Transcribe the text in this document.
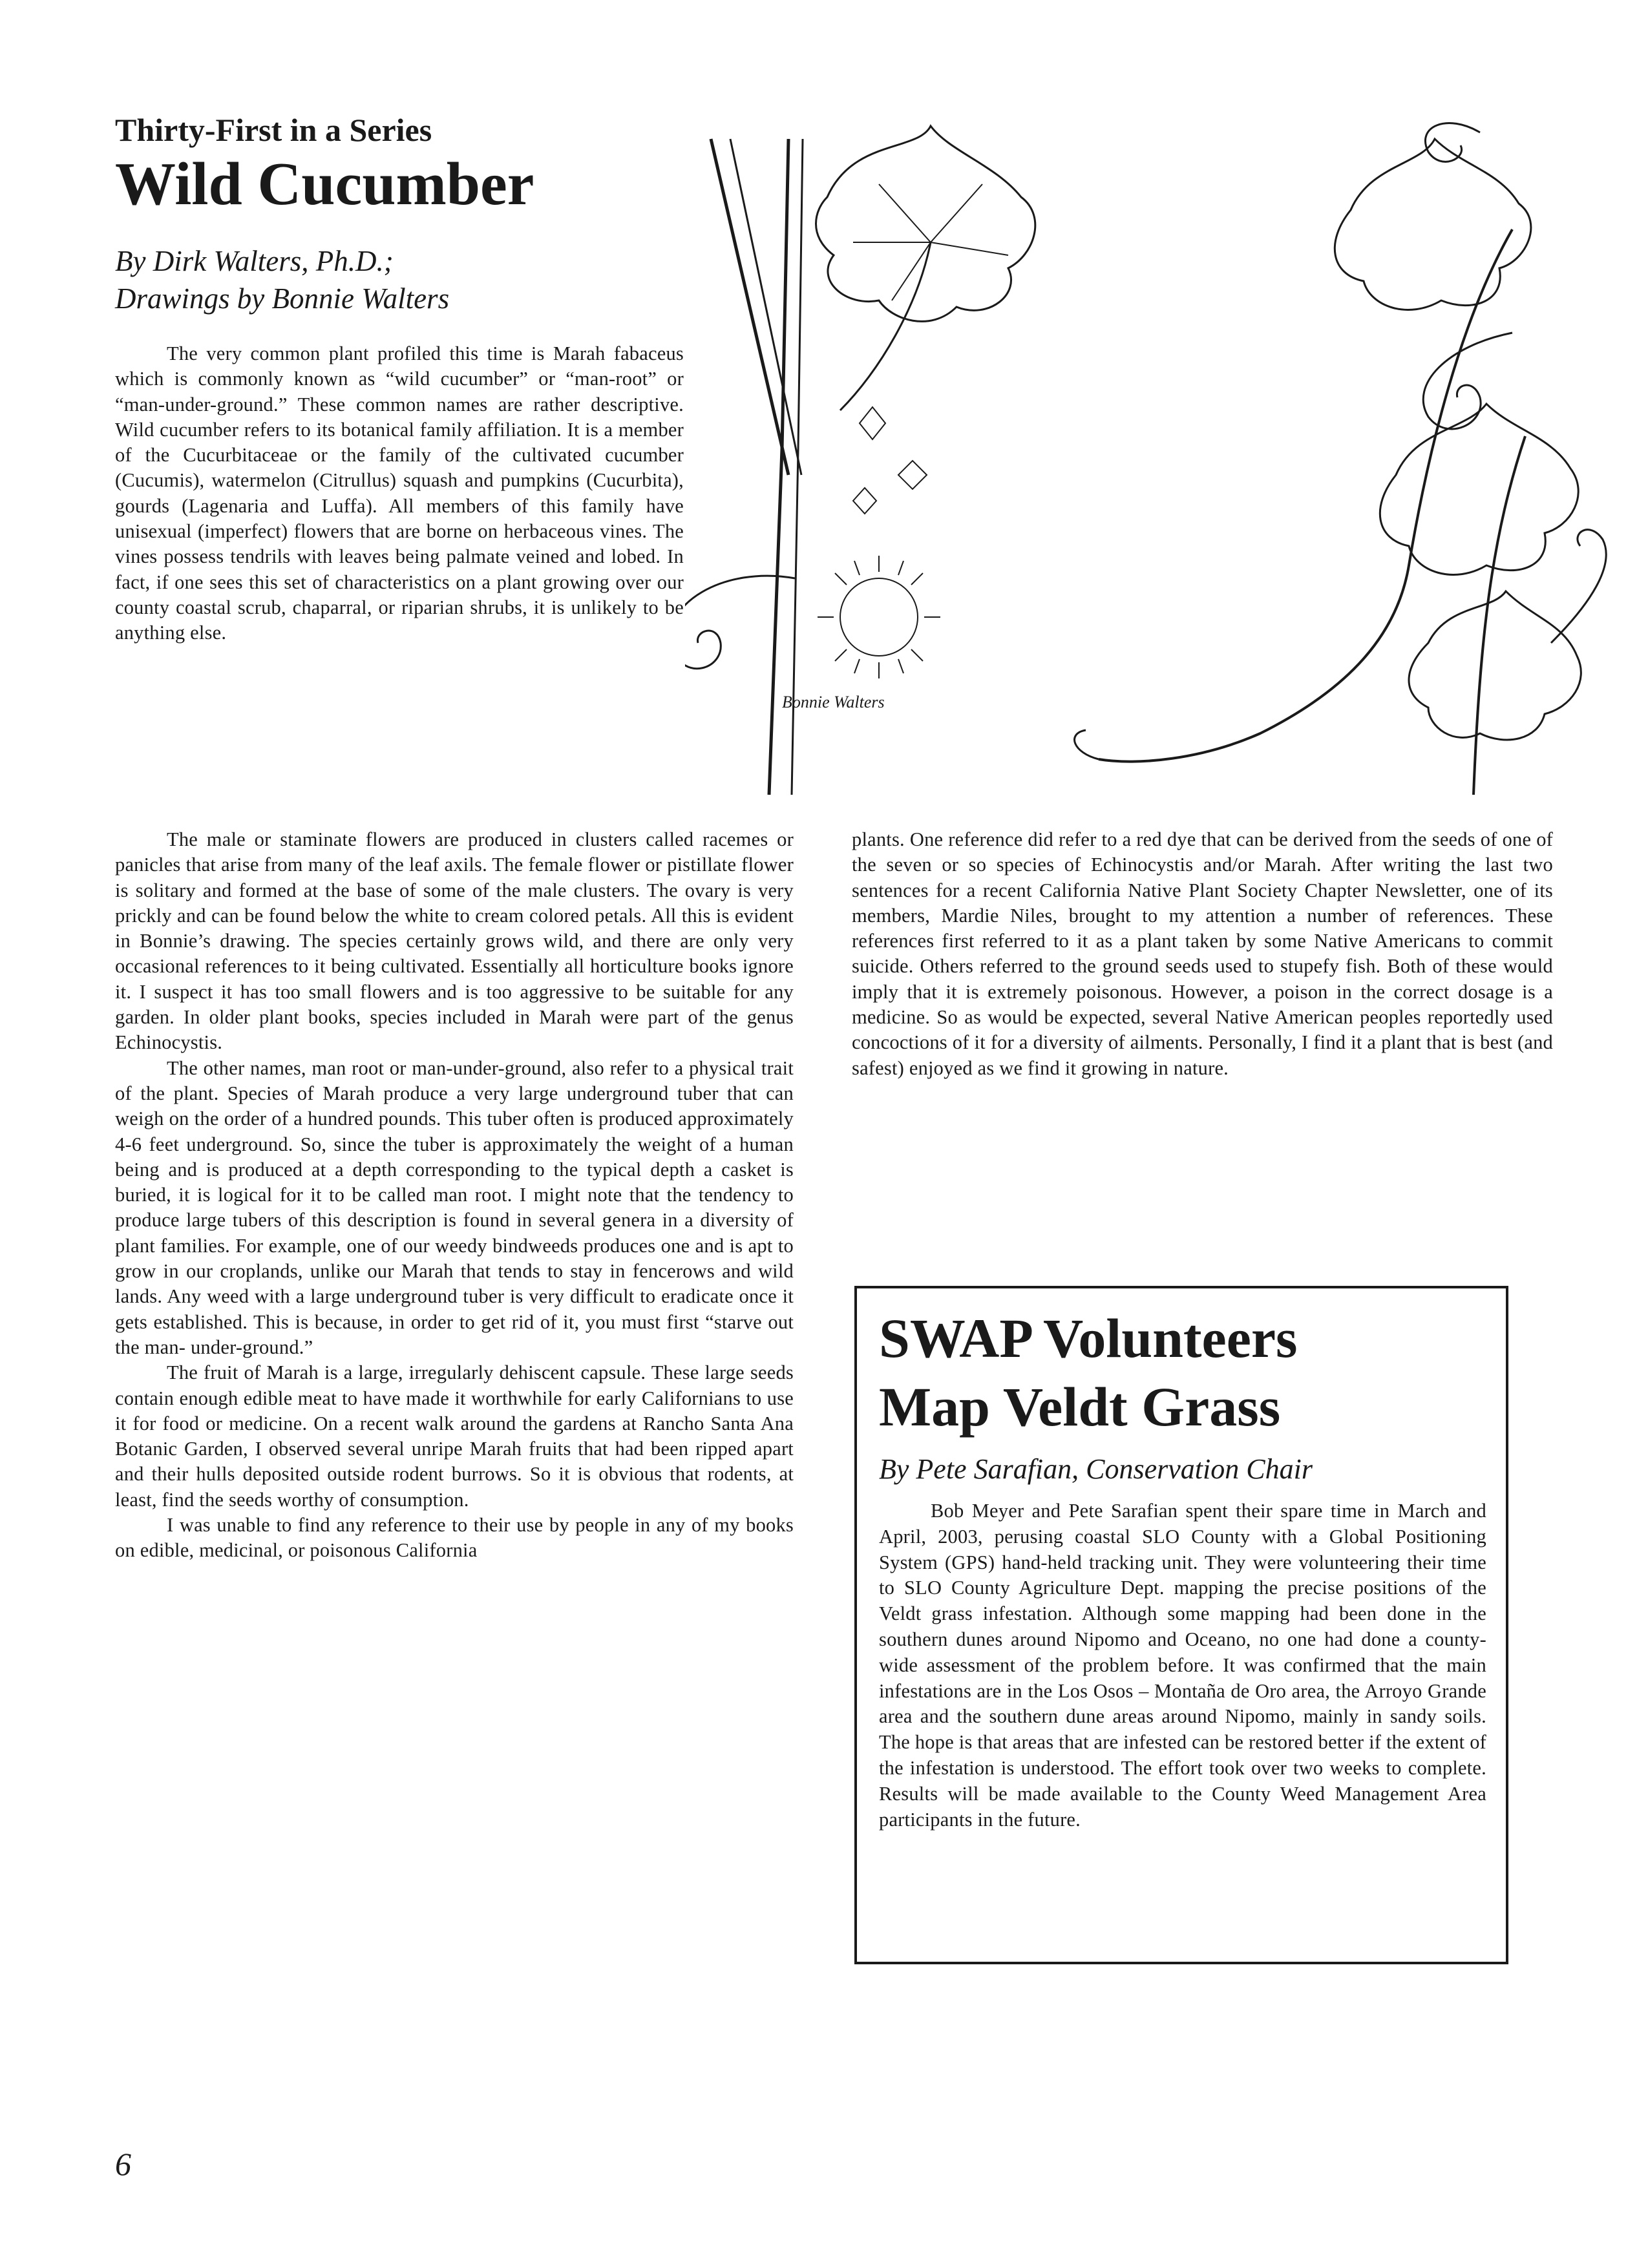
Thirty-First in a Series
Wild Cucumber
By Dirk Walters, Ph.D.;
Drawings by Bonnie Walters

The very common plant profiled this time is Marah fabaceus which is commonly known as “wild cucumber” or “man-root” or “man-under-ground.” These common names are rather descriptive. Wild cucumber refers to its botanical family affiliation. It is a member of the Cucurbitaceae or the family of the cultivated cucumber (Cucumis), watermelon (Citrullus) squash and pumpkins (Cucurbita), gourds (Lagenaria and Luffa). All members of this family have unisexual (imperfect) flowers that are borne on herbaceous vines. The vines possess tendrils with leaves being palmate veined and lobed. In fact, if one sees this set of characteristics on a plant growing over our county coastal scrub, chaparral, or riparian shrubs, it is unlikely to be anything else.

The male or staminate flowers are produced in clusters called racemes or panicles that arise from many of the leaf axils. The female flower or pistillate flower is solitary and formed at the base of some of the male clusters. The ovary is very prickly and can be found below the white to cream colored petals. All this is evident in Bonnie’s drawing. The species certainly grows wild, and there are only very occasional references to it being cultivated. Essentially all horticulture books ignore it. I suspect it has too small flowers and is too aggressive to be suitable for any garden. In older plant books, species included in Marah were part of the genus Echinocystis.

The other names, man root or man-under-ground, also refer to a physical trait of the plant. Species of Marah produce a very large underground tuber that can weigh on the order of a hundred pounds. This tuber often is produced approximately 4-6 feet underground. So, since the tuber is approximately the weight of a human being and is produced at a depth corresponding to the typical depth a casket is buried, it is logical for it to be called man root. I might note that the tendency to produce large tubers of this description is found in several genera in a diversity of plant families. For example, one of our weedy bindweeds produces one and is apt to grow in our croplands, unlike our Marah that tends to stay in fencerows and wild lands. Any weed with a large underground tuber is very difficult to eradicate once it gets established. This is because, in order to get rid of it, you must first “starve out the man- under-ground.”

The fruit of Marah is a large, irregularly dehiscent capsule. These large seeds contain enough edible meat to have made it worthwhile for early Californians to use it for food or medicine. On a recent walk around the gardens at Rancho Santa Ana Botanic Garden, I observed several unripe Marah fruits that had been ripped apart and their hulls deposited outside rodent burrows. So it is obvious that rodents, at least, find the seeds worthy of consumption.

I was unable to find any reference to their use by people in any of my books on edible, medicinal, or poisonous California

plants. One reference did refer to a red dye that can be derived from the seeds of one of the seven or so species of Echinocystis and/or Marah. After writing the last two sentences for a recent California Native Plant Society Chapter Newsletter, one of its members, Mardie Niles, brought to my attention a number of references. These references first referred to it as a plant taken by some Native Americans to commit suicide. Others referred to the ground seeds used to stupefy fish. Both of these would imply that it is extremely poisonous. However, a poison in the correct dosage is a medicine. So as would be expected, several Native American peoples reportedly used concoctions of it for a diversity of ailments. Personally, I find it a plant that is best (and safest) enjoyed as we find it growing in nature.

Bonnie Walters
SWAP Volunteers
Map Veldt Grass
By Pete Sarafian, Conservation Chair

Bob Meyer and Pete Sarafian spent their spare time in March and April, 2003, perusing coastal SLO County with a Global Positioning System (GPS) hand-held tracking unit. They were volunteering their time to SLO County Agriculture Dept. mapping the precise positions of the Veldt grass infestation. Although some mapping had been done in the southern dunes around Nipomo and Oceano, no one had done a county-wide assessment of the problem before. It was confirmed that the main infestations are in the Los Osos – Montaña de Oro area, the Arroyo Grande area and the southern dune areas around Nipomo, mainly in sandy soils. The hope is that areas that are infested can be restored better if the extent of the infestation is understood. The effort took over two weeks to complete. Results will be made available to the County Weed Management Area participants in the future.

6
